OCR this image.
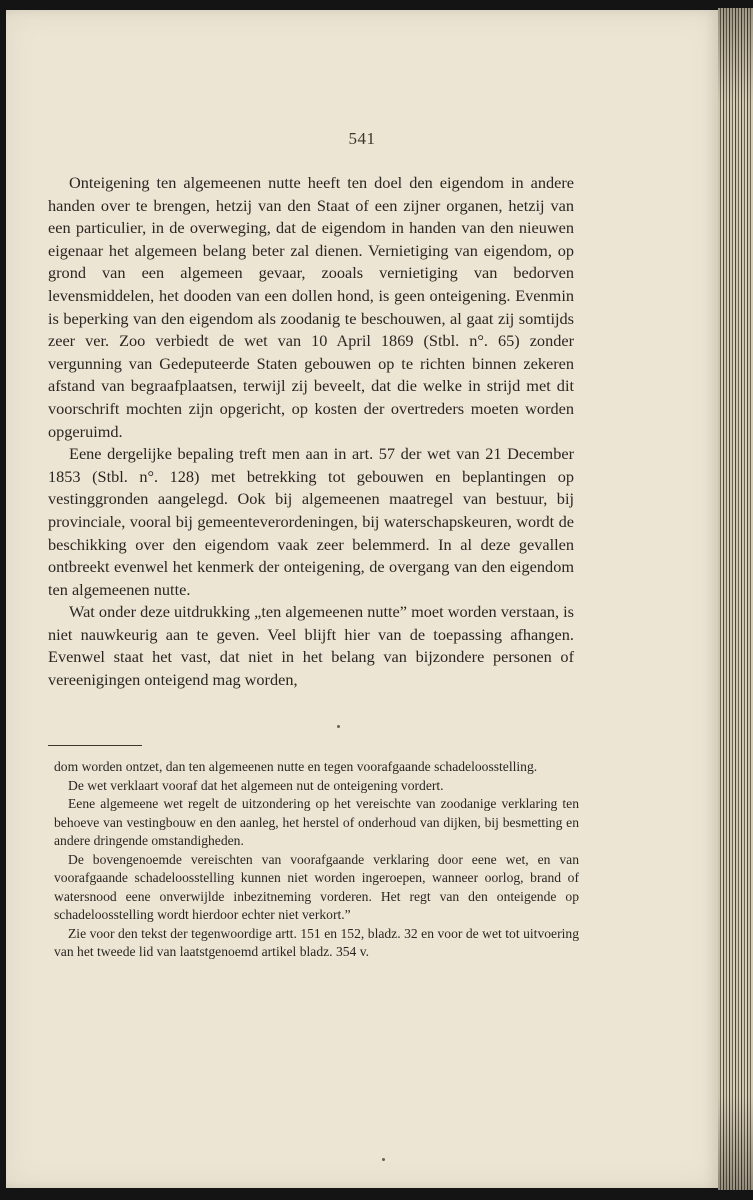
541

Onteigening ten algemeenen nutte heeft ten doel den eigendom in andere handen over te brengen, hetzij van den Staat of een zijner organen, hetzij van een particulier, in de overweging, dat de eigendom in handen van den nieuwen eigenaar het algemeen belang beter zal dienen. Vernietiging van eigendom, op grond van een algemeen gevaar, zooals vernietiging van bedorven levensmiddelen, het dooden van een dollen hond, is geen onteigening. Evenmin is beperking van den eigendom als zoodanig te beschouwen, al gaat zij somtijds zeer ver. Zoo verbiedt de wet van 10 April 1869 (Stbl. n°. 65) zonder vergunning van Gedeputeerde Staten gebouwen op te richten binnen zekeren afstand van begraafplaatsen, terwijl zij beveelt, dat die welke in strijd met dit voorschrift mochten zijn opgericht, op kosten der overtreders moeten worden opgeruimd.

Eene dergelijke bepaling treft men aan in art. 57 der wet van 21 December 1853 (Stbl. n°. 128) met betrekking tot gebouwen en beplantingen op vestinggronden aangelegd. Ook bij algemeenen maatregel van bestuur, bij provinciale, vooral bij gemeenteverordeningen, bij waterschapskeuren, wordt de beschikking over den eigendom vaak zeer belemmerd. In al deze gevallen ontbreekt evenwel het kenmerk der onteigening, de overgang van den eigendom ten algemeenen nutte.

Wat onder deze uitdrukking „ten algemeenen nutte” moet worden verstaan, is niet nauwkeurig aan te geven. Veel blijft hier van de toepassing afhangen. Evenwel staat het vast, dat niet in het belang van bijzondere personen of vereenigingen onteigend mag worden,

dom worden ontzet, dan ten algemeenen nutte en tegen voorafgaande schadeloosstelling.

De wet verklaart vooraf dat het algemeen nut de onteigening vordert.

Eene algemeene wet regelt de uitzondering op het vereischte van zoodanige verklaring ten behoeve van vestingbouw en den aanleg, het herstel of onderhoud van dijken, bij besmetting en andere dringende omstandigheden.

De bovengenoemde vereischten van voorafgaande verklaring door eene wet, en van voorafgaande schadeloosstelling kunnen niet worden ingeroepen, wanneer oorlog, brand of watersnood eene onverwijlde inbezitneming vorderen. Het regt van den onteigende op schadeloosstelling wordt hierdoor echter niet verkort.”

Zie voor den tekst der tegenwoordige artt. 151 en 152, bladz. 32 en voor de wet tot uitvoering van het tweede lid van laatstgenoemd artikel bladz. 354 v.
